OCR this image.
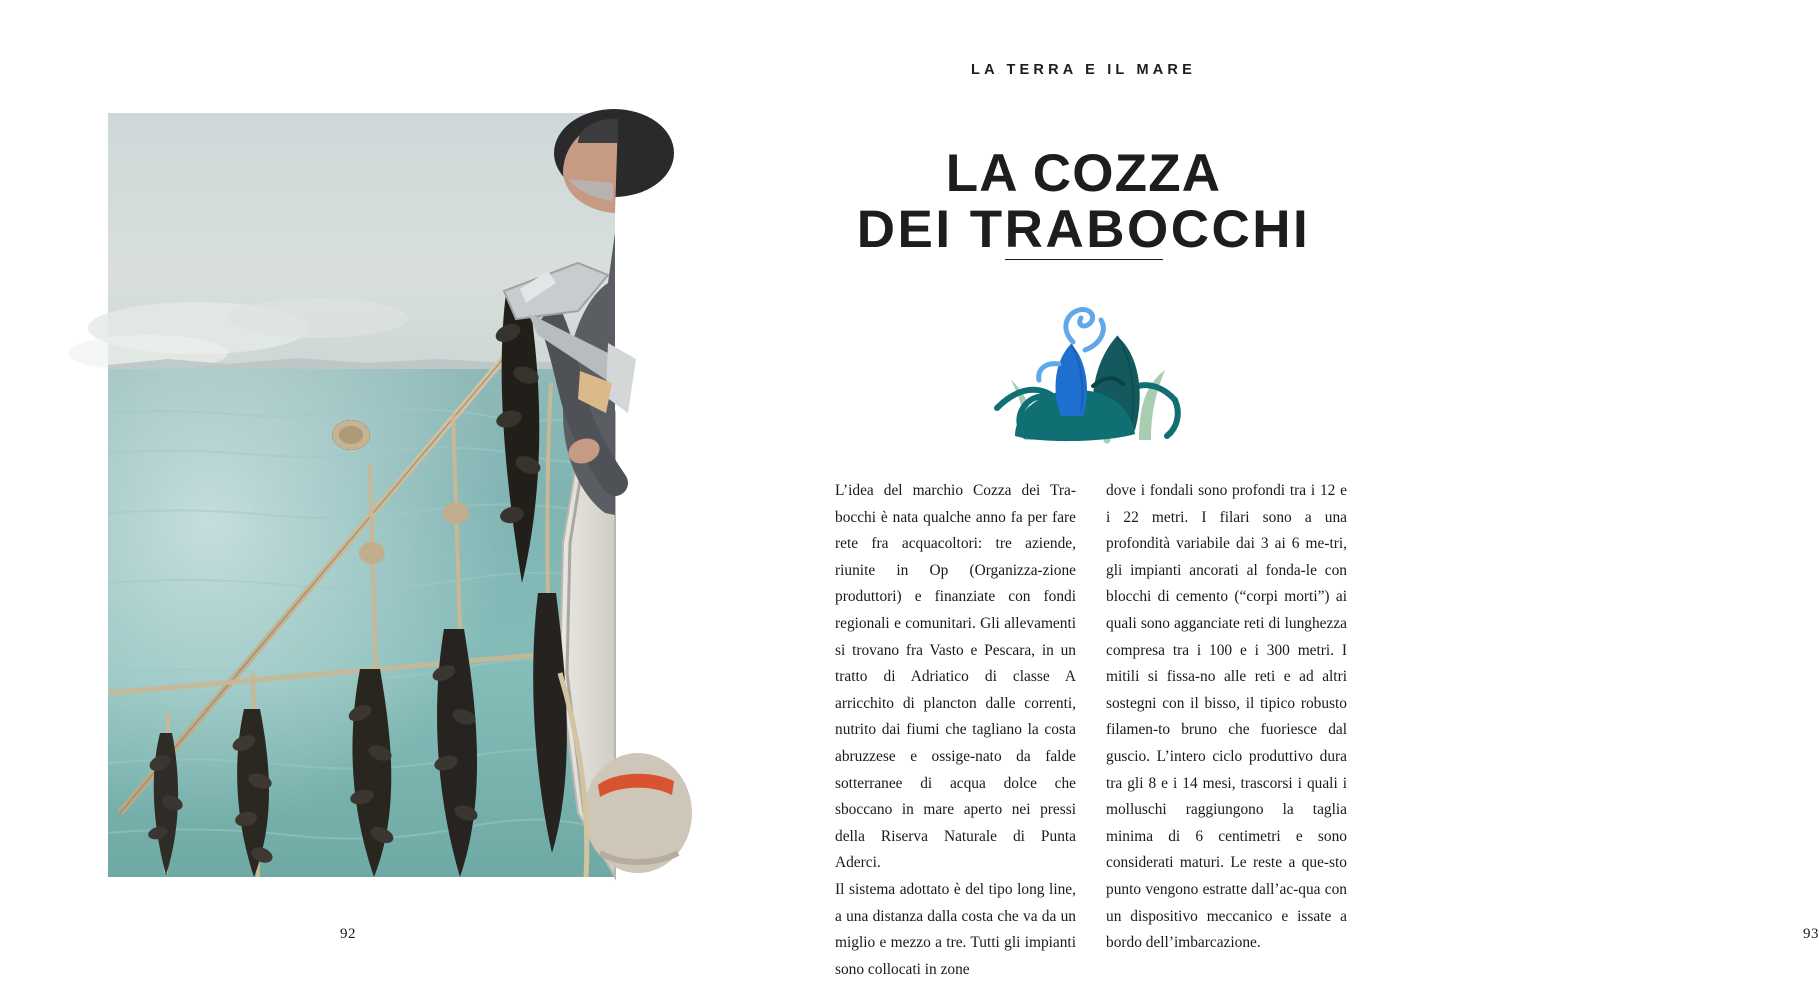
92
LA TERRA E IL MARE
LA COZZA
DEI TRABOCCHI

L’idea del marchio Cozza dei Tra-bocchi è nata qualche anno fa per fare rete fra acquacoltori: tre aziende, riunite in Op (Organizza-zione produttori) e finanziate con fondi regionali e comunitari. Gli allevamenti si trovano fra Vasto e Pescara, in un tratto di Adriatico di classe A arricchito di plancton dalle correnti, nutrito dai fiumi che tagliano la costa abruzzese e ossige-nato da falde sotterranee di acqua dolce che sboccano in mare aperto nei pressi della Riserva Naturale di Punta Aderci.

Il sistema adottato è del tipo long line, a una distanza dalla costa che va da un miglio e mezzo a tre. Tutti gli impianti sono collocati in zone

dove i fondali sono profondi tra i 12 e i 22 metri. I filari sono a una profondità variabile dai 3 ai 6 me-tri, gli impianti ancorati al fonda-le con blocchi di cemento (“corpi morti”) ai quali sono agganciate reti di lunghezza compresa tra i 100 e i 300 metri. I mitili si fissa-no alle reti e ad altri sostegni con il bisso, il tipico robusto filamen-to bruno che fuoriesce dal guscio. L’intero ciclo produttivo dura tra gli 8 e i 14 mesi, trascorsi i quali i molluschi raggiungono la taglia minima di 6 centimetri e sono considerati maturi. Le reste a que-sto punto vengono estratte dall’ac-qua con un dispositivo meccanico e issate a bordo dell’imbarcazione.

93
